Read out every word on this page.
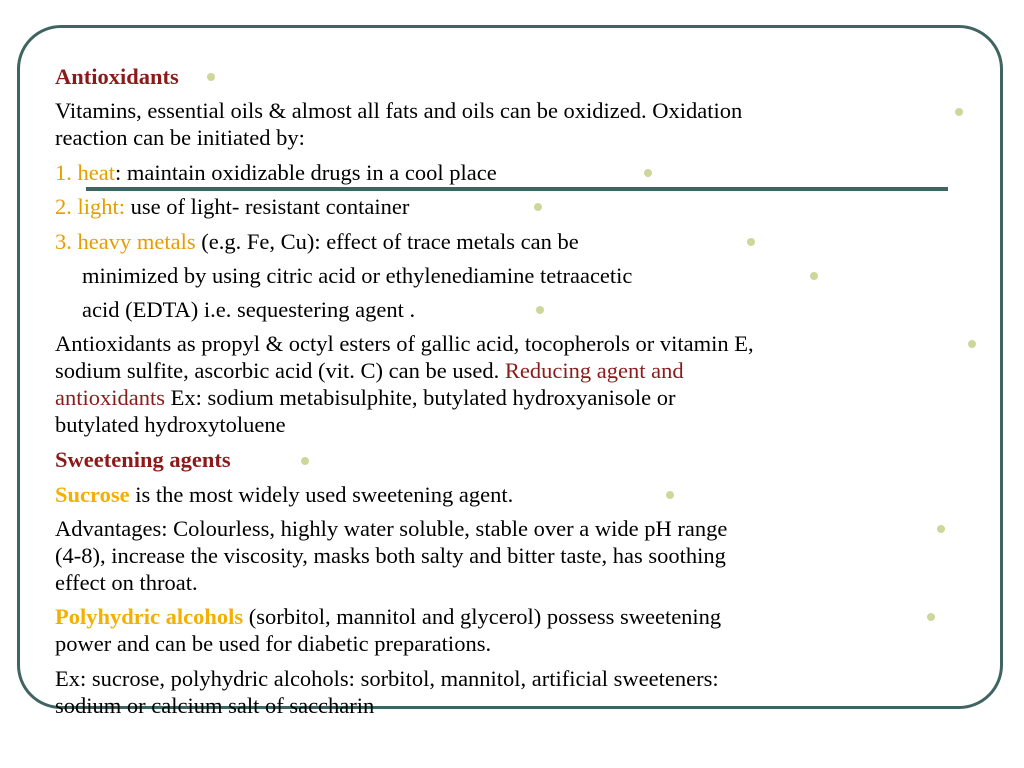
Antioxidants
Vitamins, essential oils & almost all fats and oils can be oxidized. Oxidation
reaction can be initiated by:
1. heat: maintain oxidizable drugs in a cool place
2. light: use of light- resistant container
3. heavy metals (e.g. Fe, Cu): effect of trace metals can be
minimized by using citric acid or ethylenediamine tetraacetic
acid (EDTA) i.e. sequestering agent .
Antioxidants as propyl & octyl esters of gallic acid, tocopherols or vitamin E,
sodium sulfite, ascorbic acid (vit. C) can be used. Reducing agent and
antioxidants Ex: sodium metabisulphite, butylated hydroxyanisole or
butylated hydroxytoluene
Sweetening agents
Sucrose is the most widely used sweetening agent.
Advantages: Colourless, highly water soluble, stable over a wide pH range
(4-8), increase the viscosity, masks both salty and bitter taste, has soothing
effect on throat.
Polyhydric alcohols (sorbitol, mannitol and glycerol) possess sweetening
power and can be used for diabetic preparations.
Ex: sucrose, polyhydric alcohols: sorbitol, mannitol, artificial sweeteners:
sodium or calcium salt of saccharin
